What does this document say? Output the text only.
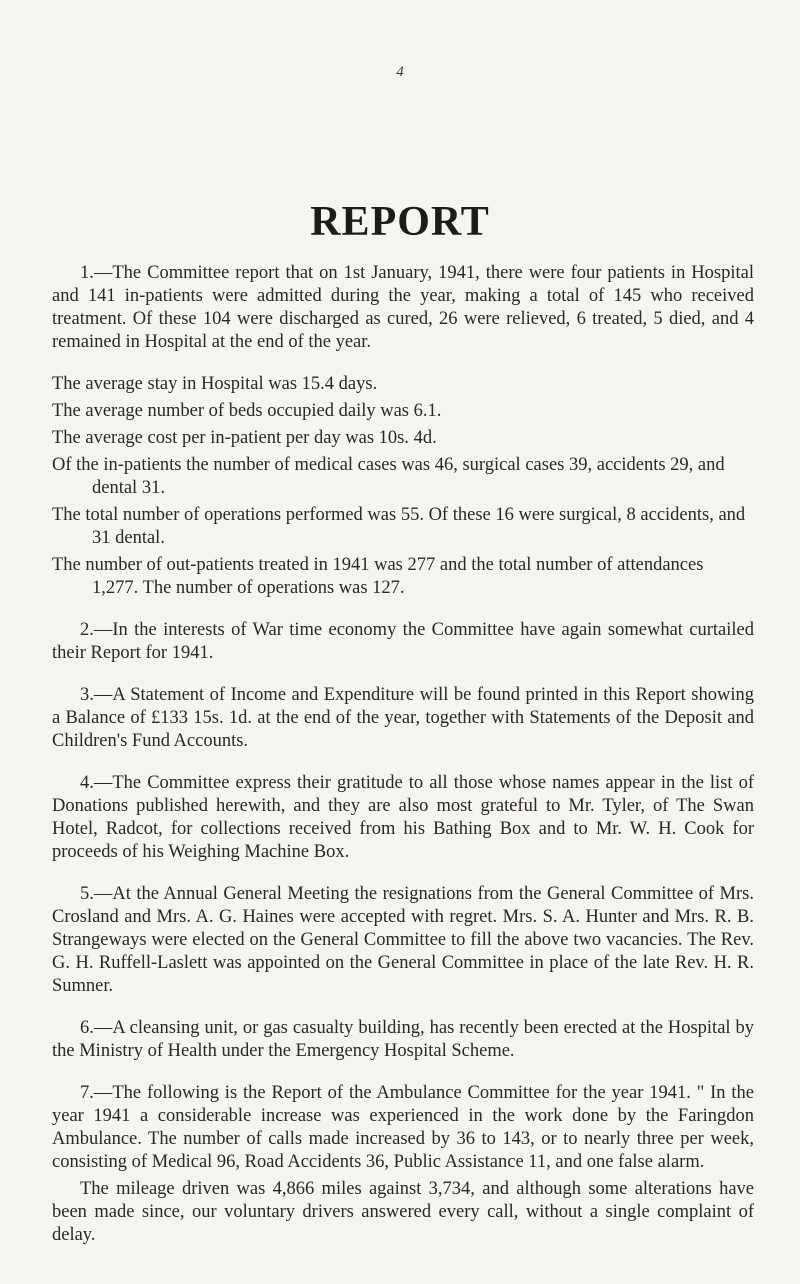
4
REPORT

1.—The Committee report that on 1st January, 1941, there were four patients in Hospital and 141 in-patients were admitted during the year, making a total of 145 who received treatment. Of these 104 were discharged as cured, 26 were relieved, 6 treated, 5 died, and 4 remained in Hospital at the end of the year.

The average stay in Hospital was 15.4 days.
The average number of beds occupied daily was 6.1.
The average cost per in-patient per day was 10s. 4d.
Of the in-patients the number of medical cases was 46, surgical cases 39, accidents 29, and dental 31.
The total number of operations performed was 55. Of these 16 were surgical, 8 accidents, and 31 dental.
The number of out-patients treated in 1941 was 277 and the total number of attendances 1,277. The number of operations was 127.

2.—In the interests of War time economy the Committee have again somewhat curtailed their Report for 1941.

3.—A Statement of Income and Expenditure will be found printed in this Report showing a Balance of £133 15s. 1d. at the end of the year, together with Statements of the Deposit and Children's Fund Accounts.

4.—The Committee express their gratitude to all those whose names appear in the list of Donations published herewith, and they are also most grateful to Mr. Tyler, of The Swan Hotel, Radcot, for collections received from his Bathing Box and to Mr. W. H. Cook for proceeds of his Weighing Machine Box.

5.—At the Annual General Meeting the resignations from the General Committee of Mrs. Crosland and Mrs. A. G. Haines were accepted with regret. Mrs. S. A. Hunter and Mrs. R. B. Strangeways were elected on the General Committee to fill the above two vacancies. The Rev. G. H. Ruffell-Laslett was appointed on the General Committee in place of the late Rev. H. R. Sumner.

6.—A cleansing unit, or gas casualty building, has recently been erected at the Hospital by the Ministry of Health under the Emergency Hospital Scheme.

7.—The following is the Report of the Ambulance Committee for the year 1941. " In the year 1941 a considerable increase was experienced in the work done by the Faringdon Ambulance. The number of calls made increased by 36 to 143, or to nearly three per week, consisting of Medical 96, Road Accidents 36, Public Assistance 11, and one false alarm.

The mileage driven was 4,866 miles against 3,734, and although some alterations have been made since, our voluntary drivers answered every call, without a single complaint of delay.
